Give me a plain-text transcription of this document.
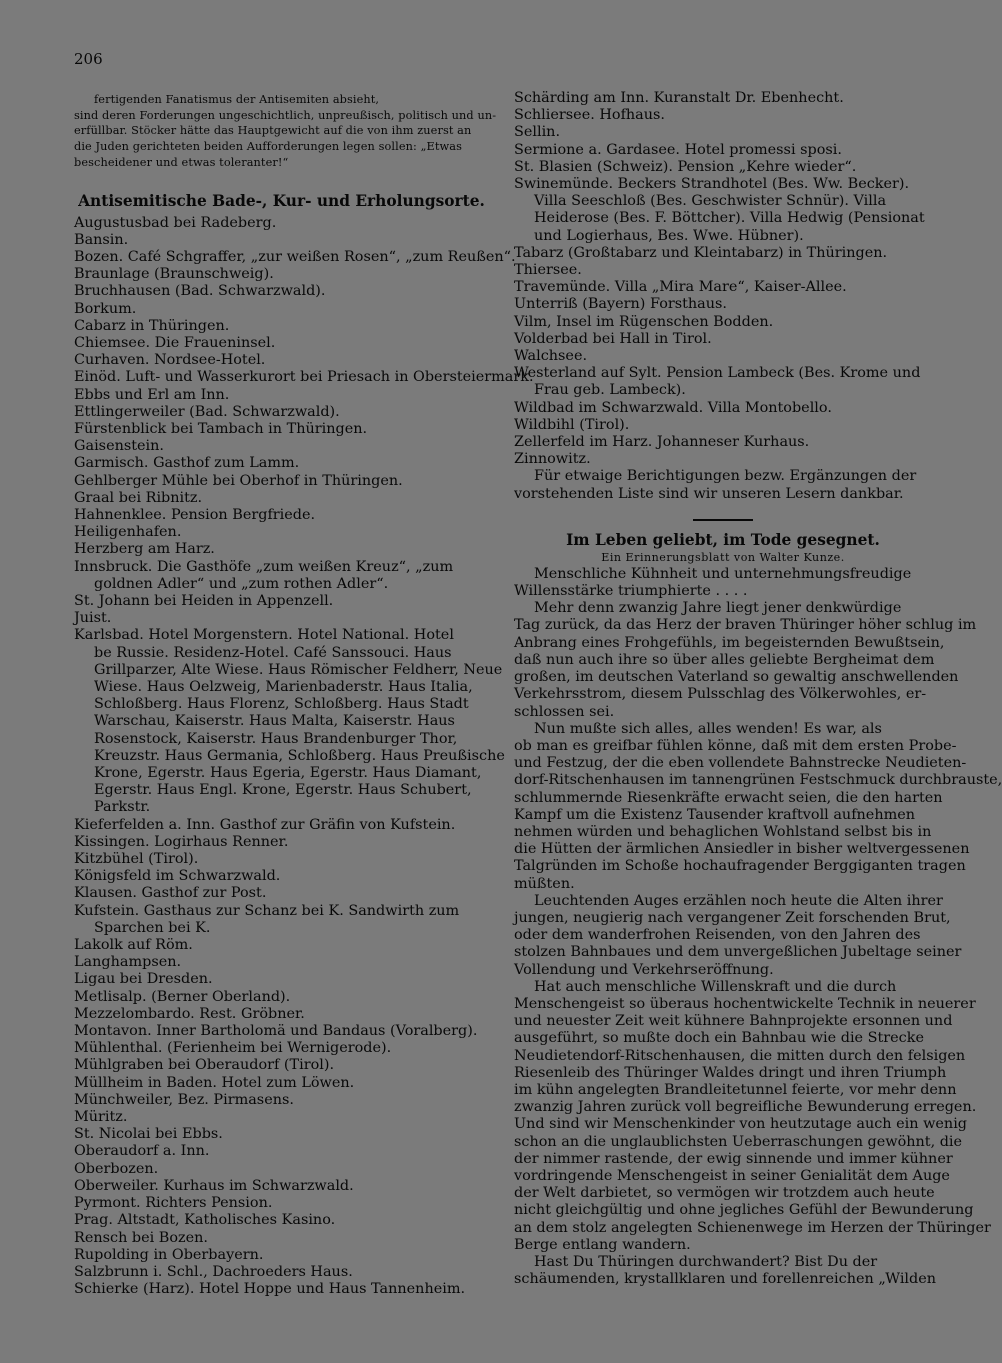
206
fertigenden Fanatismus der Antisemiten absieht,
sind deren Forderungen ungeschichtlich, unpreußisch, politisch und un-
erfüllbar. Stöcker hätte das Hauptgewicht auf die von ihm zuerst an
die Juden gerichteten beiden Aufforderungen legen sollen: „Etwas
bescheidener und etwas toleranter!“
Antisemitische Bade-, Kur- und Erholungsorte.
Augustusbad bei Radeberg.
Bansin.
Bozen. Café Schgraffer, „zur weißen Rosen“, „zum Reußen“.
Braunlage (Braunschweig).
Bruchhausen (Bad. Schwarzwald).
Borkum.
Cabarz in Thüringen.
Chiemsee. Die Fraueninsel.
Curhaven. Nordsee-Hotel.
Einöd. Luft- und Wasserkurort bei Priesach in Obersteiermark.
Ebbs und Erl am Inn.
Ettlingerweiler (Bad. Schwarzwald).
Fürstenblick bei Tambach in Thüringen.
Gaisenstein.
Garmisch. Gasthof zum Lamm.
Gehlberger Mühle bei Oberhof in Thüringen.
Graal bei Ribnitz.
Hahnenklee. Pension Bergfriede.
Heiligenhafen.
Herzberg am Harz.
Innsbruck. Die Gasthöfe „zum weißen Kreuz“, „zum
goldnen Adler“ und „zum rothen Adler“.
St. Johann bei Heiden in Appenzell.
Juist.
Karlsbad. Hotel Morgenstern. Hotel National. Hotel
be Russie. Residenz-Hotel. Café Sanssouci. Haus
Grillparzer, Alte Wiese. Haus Römischer Feldherr, Neue
Wiese. Haus Oelzweig, Marienbaderstr. Haus Italia,
Schloßberg. Haus Florenz, Schloßberg. Haus Stadt
Warschau, Kaiserstr. Haus Malta, Kaiserstr. Haus
Rosenstock, Kaiserstr. Haus Brandenburger Thor,
Kreuzstr. Haus Germania, Schloßberg. Haus Preußische
Krone, Egerstr. Haus Egeria, Egerstr. Haus Diamant,
Egerstr. Haus Engl. Krone, Egerstr. Haus Schubert,
Parkstr.
Kieferfelden a. Inn. Gasthof zur Gräfin von Kufstein.
Kissingen. Logirhaus Renner.
Kitzbühel (Tirol).
Königsfeld im Schwarzwald.
Klausen. Gasthof zur Post.
Kufstein. Gasthaus zur Schanz bei K. Sandwirth zum
Sparchen bei K.
Lakolk auf Röm.
Langhampsen.
Ligau bei Dresden.
Metlisalp. (Berner Oberland).
Mezzelombardo. Rest. Gröbner.
Montavon. Inner Bartholomä und Bandaus (Voralberg).
Mühlenthal. (Ferienheim bei Wernigerode).
Mühlgraben bei Oberaudorf (Tirol).
Müllheim in Baden. Hotel zum Löwen.
Münchweiler, Bez. Pirmasens.
Müritz.
St. Nicolai bei Ebbs.
Oberaudorf a. Inn.
Oberbozen.
Oberweiler. Kurhaus im Schwarzwald.
Pyrmont. Richters Pension.
Prag. Altstadt, Katholisches Kasino.
Rensch bei Bozen.
Rupolding in Oberbayern.
Salzbrunn i. Schl., Dachroeders Haus.
Schierke (Harz). Hotel Hoppe und Haus Tannenheim.
Schärding am Inn. Kuranstalt Dr. Ebenhecht.
Schliersee. Hofhaus.
Sellin.
Sermione a. Gardasee. Hotel promessi sposi.
St. Blasien (Schweiz). Pension „Kehre wieder“.
Swinemünde. Beckers Strandhotel (Bes. Ww. Becker).
Villa Seeschloß (Bes. Geschwister Schnür). Villa
Heiderose (Bes. F. Böttcher). Villa Hedwig (Pensionat
und Logierhaus, Bes. Wwe. Hübner).
Tabarz (Großtabarz und Kleintabarz) in Thüringen.
Thiersee.
Travemünde. Villa „Mira Mare“, Kaiser-Allee.
Unterriß (Bayern) Forsthaus.
Vilm, Insel im Rügenschen Bodden.
Volderbad bei Hall in Tirol.
Walchsee.
Westerland auf Sylt. Pension Lambeck (Bes. Krome und
Frau geb. Lambeck).
Wildbad im Schwarzwald. Villa Montobello.
Wildbihl (Tirol).
Zellerfeld im Harz. Johanneser Kurhaus.
Zinnowitz.
Für etwaige Berichtigungen bezw. Ergänzungen der
vorstehenden Liste sind wir unseren Lesern dankbar.
Im Leben geliebt, im Tode gesegnet.
Ein Erinnerungsblatt von Walter Kunze.
Menschliche Kühnheit und unternehmungsfreudige
Willensstärke triumphierte . . . .
Mehr denn zwanzig Jahre liegt jener denkwürdige
Tag zurück, da das Herz der braven Thüringer höher schlug im
Anbrang eines Frohgefühls, im begeisternden Bewußtsein,
daß nun auch ihre so über alles geliebte Bergheimat dem
großen, im deutschen Vaterland so gewaltig anschwellenden
Verkehrsstrom, diesem Pulsschlag des Völkerwohles, er-
schlossen sei.
Nun mußte sich alles, alles wenden! Es war, als
ob man es greifbar fühlen könne, daß mit dem ersten Probe-
und Festzug, der die eben vollendete Bahnstrecke Neudieten-
dorf-Ritschenhausen im tannengrünen Festschmuck durchbrauste,
schlummernde Riesenkräfte erwacht seien, die den harten
Kampf um die Existenz Tausender kraftvoll aufnehmen
nehmen würden und behaglichen Wohlstand selbst bis in
die Hütten der ärmlichen Ansiedler in bisher weltvergessenen
Talgründen im Schoße hochaufragender Berggiganten tragen
müßten.
Leuchtenden Auges erzählen noch heute die Alten ihrer
jungen, neugierig nach vergangener Zeit forschenden Brut,
oder dem wanderfrohen Reisenden, von den Jahren des
stolzen Bahnbaues und dem unvergeßlichen Jubeltage seiner
Vollendung und Verkehrseröffnung.
Hat auch menschliche Willenskraft und die durch
Menschengeist so überaus hochentwickelte Technik in neuerer
und neuester Zeit weit kühnere Bahnprojekte ersonnen und
ausgeführt, so mußte doch ein Bahnbau wie die Strecke
Neudietendorf-Ritschenhausen, die mitten durch den felsigen
Riesenleib des Thüringer Waldes dringt und ihren Triumph
im kühn angelegten Brandleitetunnel feierte, vor mehr denn
zwanzig Jahren zurück voll begreifliche Bewunderung erregen.
Und sind wir Menschenkinder von heutzutage auch ein wenig
schon an die unglaublichsten Ueberraschungen gewöhnt, die
der nimmer rastende, der ewig sinnende und immer kühner
vordringende Menschengeist in seiner Genialität dem Auge
der Welt darbietet, so vermögen wir trotzdem auch heute
nicht gleichgültig und ohne jegliches Gefühl der Bewunderung
an dem stolz angelegten Schienenwege im Herzen der Thüringer
Berge entlang wandern.
Hast Du Thüringen durchwandert? Bist Du der
schäumenden, krystallklaren und forellenreichen „Wilden
